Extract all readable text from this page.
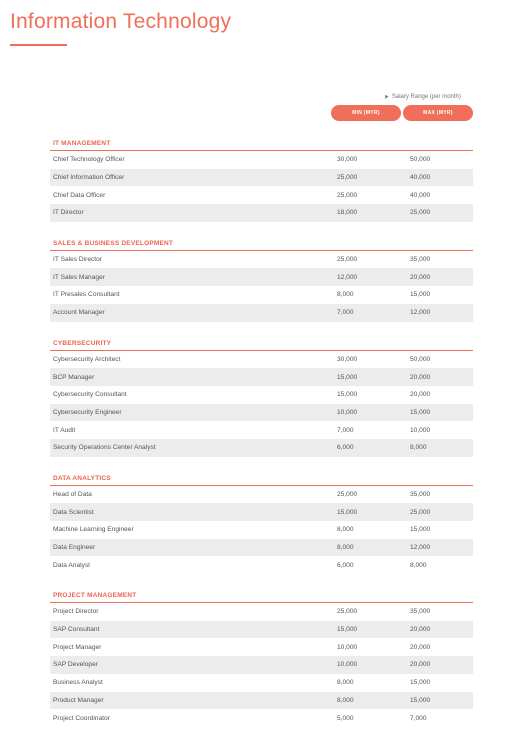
Information Technology
▶ Salary Range (per month)
MIN (MYR)	MAX (MYR)
IT MANAGEMENT
Chief Technology Officer	30,000	50,000
Chief Information Officer	25,000	40,000
Chief Data Officer	25,000	40,000
IT Director	18,000	25,000
SALES & BUSINESS DEVELOPMENT
IT Sales Director	25,000	35,000
IT Sales Manager	12,000	20,000
IT Presales Consultant	8,000	15,000
Account Manager	7,000	12,000
CYBERSECURITY
Cybersecurity Architect	30,000	50,000
BCP Manager	15,000	20,000
Cybersecurity Consultant	15,000	20,000
Cybersecurity Engineer	10,000	15,000
IT Audit	7,000	10,000
Security Operations Center Analyst	6,000	8,000
DATA ANALYTICS
Head of Data	25,000	35,000
Data Scientist	15,000	25,000
Machine Learning Engineer	8,000	15,000
Data Engineer	8,000	12,000
Data Analyst	6,000	8,000
PROJECT MANAGEMENT
Project Director	25,000	35,000
SAP Consultant	15,000	20,000
Project Manager	10,000	20,000
SAP Developer	10,000	20,000
Business Analyst	8,000	15,000
Product Manager	8,000	15,000
Project Coordinator	5,000	7,000
